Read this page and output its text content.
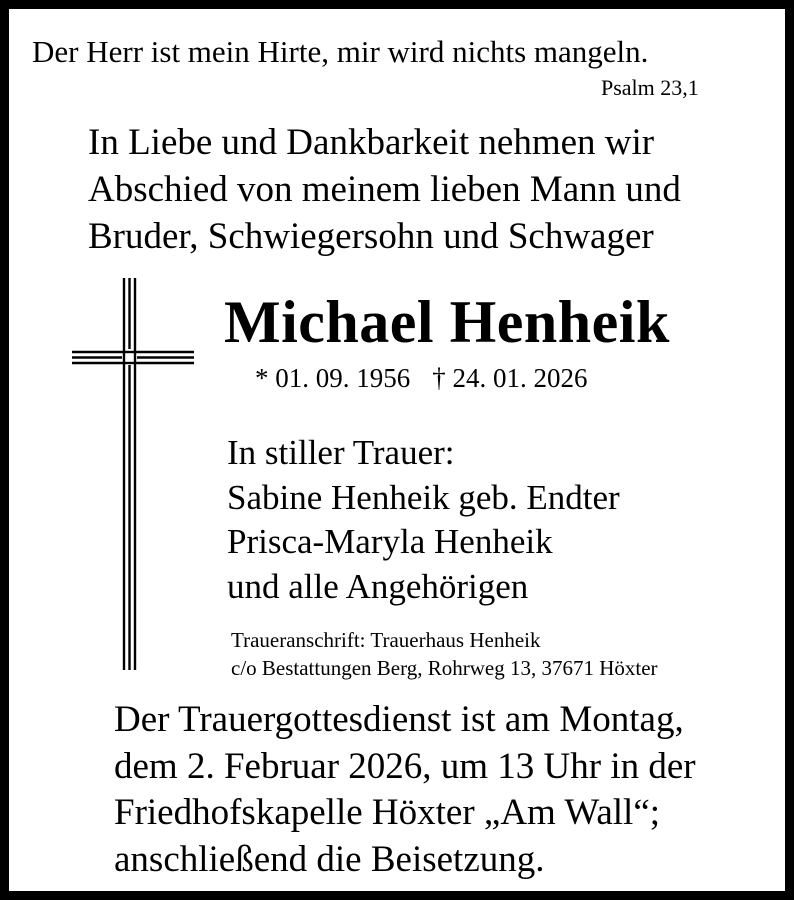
Der Herr ist mein Hirte, mir wird nichts mangeln.
Psalm 23,1
In Liebe und Dankbarkeit nehmen wir
Abschied von meinem lieben Mann und
Bruder, Schwiegersohn und Schwager
Michael Henheik
* 01. 09. 1956 † 24. 01. 2026
In stiller Trauer:
Sabine Henheik geb. Endter
Prisca-Maryla Henheik
und alle Angehörigen
Traueranschrift: Trauerhaus Henheik
c/o Bestattungen Berg, Rohrweg 13, 37671 Höxter
Der Trauergottesdienst ist am Montag,
dem 2. Februar 2026, um 13 Uhr in der
Friedhofskapelle Höxter „Am Wall“;
anschließend die Beisetzung.
